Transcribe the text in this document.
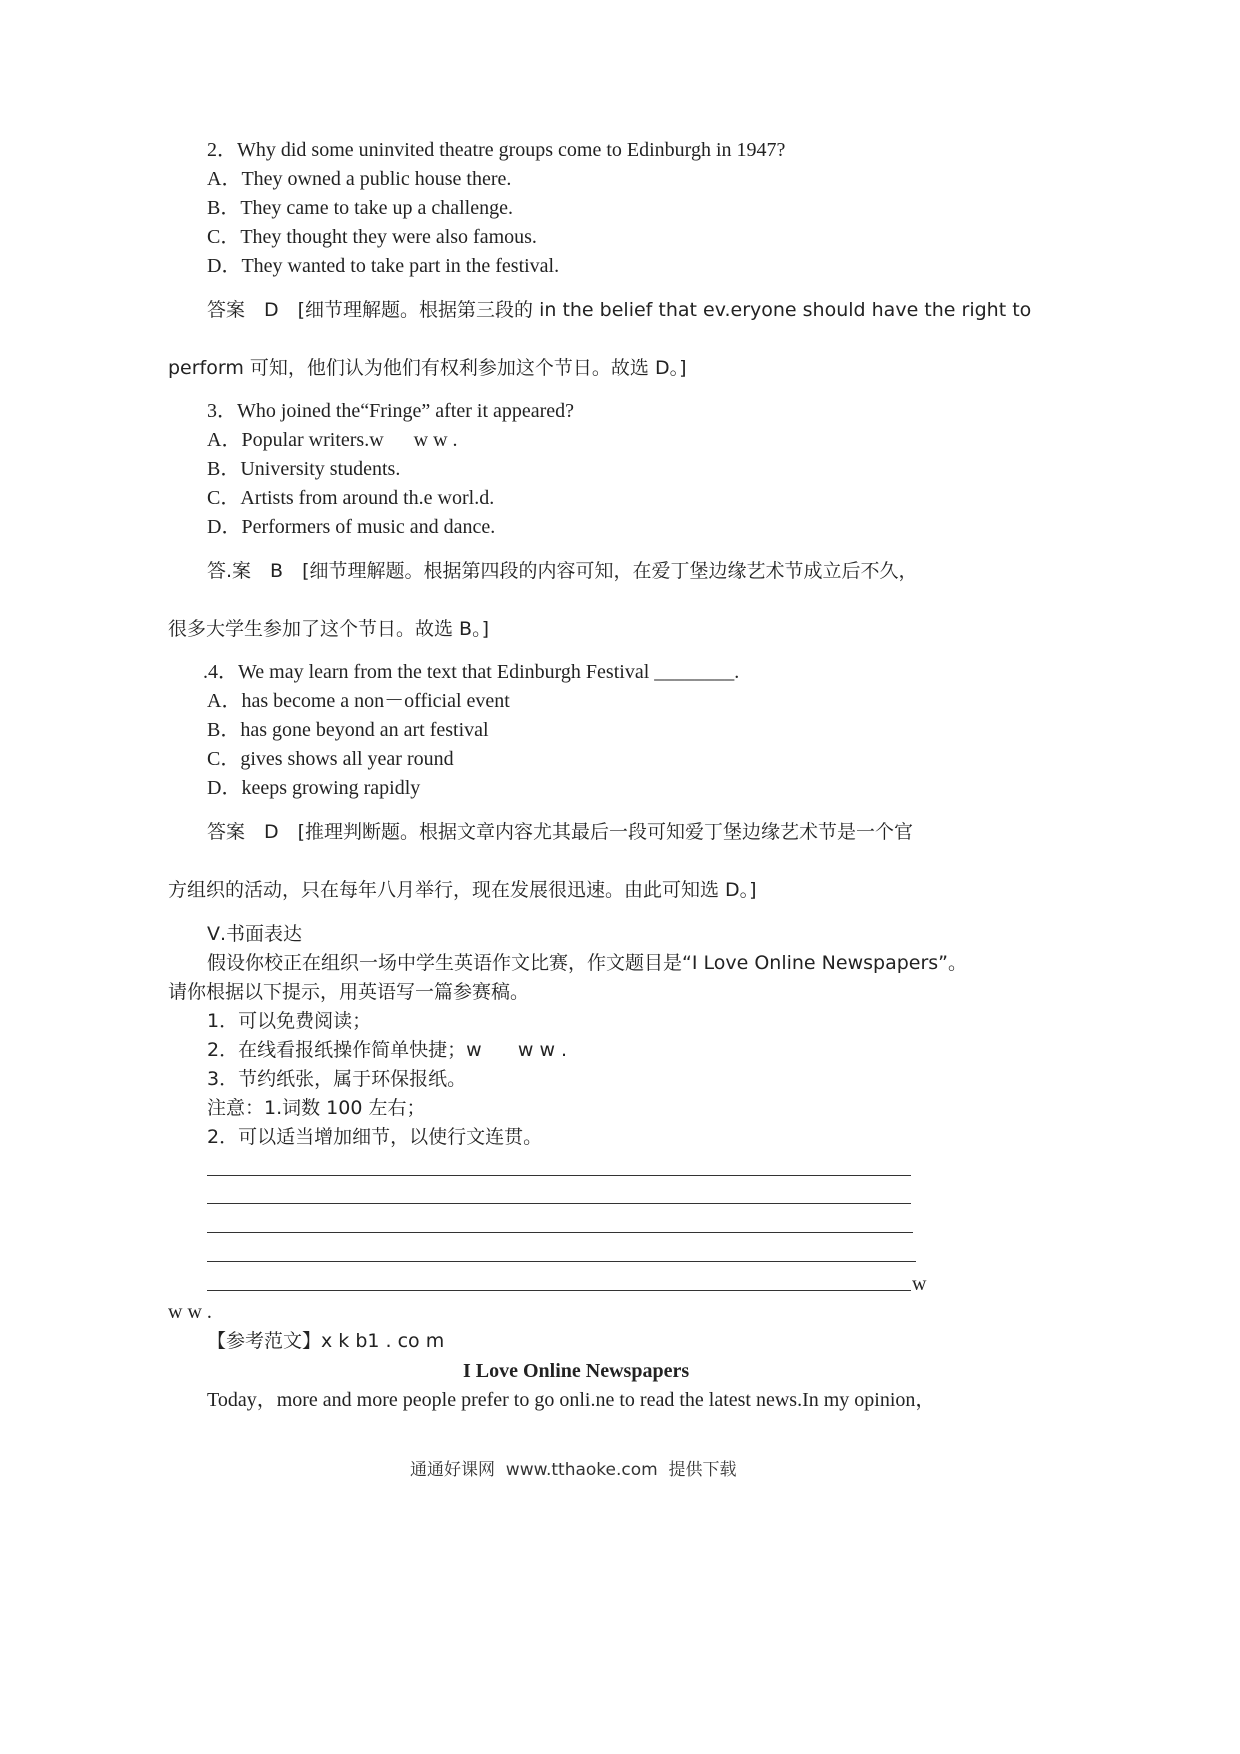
2．Why did some uninvited theatre groups come to Edinburgh in 1947?
A．They owned a public house there.
B．They came to take up a challenge.
C．They thought they were also famous.
D．They wanted to take part in the festival.
答案　D　[细节理解题。根据第三段的 in the belief that ev.eryone should have the right to
perform 可知，他们认为他们有权利参加这个节日。故选 D。]
3．Who joined the“Fringe” after it appeared?
A．Popular writers.w      w w .
B．University students.
C．Artists from around th.e worl.d.
D．Performers of music and dance.
答.案　B　[细节理解题。根据第四段的内容可知，在爱丁堡边缘艺术节成立后不久，
很多大学生参加了这个节日。故选 B。]
.4．We may learn from the text that Edinburgh Festival ________.
A．has become a non－official event
B．has gone beyond an art festival
C．gives shows all year round
D．keeps growing rapidly
答案　D　[推理判断题。根据文章内容尤其最后一段可知爱丁堡边缘艺术节是一个官
方组织的活动，只在每年八月举行，现在发展很迅速。由此可知选 D。]
Ⅴ.书面表达
假设你校正在组织一场中学生英语作文比赛，作文题目是“I Love Online Newspapers”。
请你根据以下提示，用英语写一篇参赛稿。
1．可以免费阅读；
2．在线看报纸操作简单快捷；w      w w .
3．节约纸张，属于环保报纸。
注意：1.词数 100 左右；
2．可以适当增加细节，以使行文连贯。
w
w w .
【参考范文】x k b1 . co m
I Love Online Newspapers
Today，more and more people prefer to go onli.ne to read the latest news.In my opinion，
通通好课网  www.tthaoke.com  提供下载
